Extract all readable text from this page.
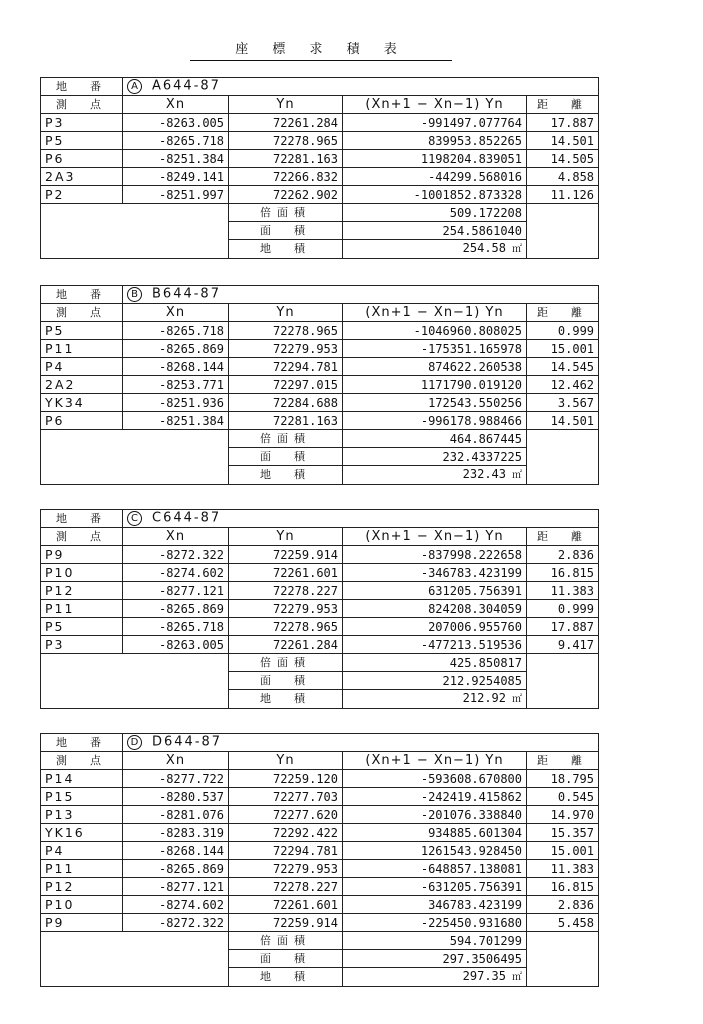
座 標 求 積 表
地　番	A A644-87			
測　点	Xn	Yn	(Xn+1 − Xn−1) Yn	距　離
P3	-8263.005	72261.284	-991497.077764	17.887
P5	-8265.718	72278.965	839953.852265	14.501
P6	-8251.384	72281.163	1198204.839051	14.505
2A3	-8249.141	72266.832	-44299.568016	4.858
P2	-8251.997	72262.902	-1001852.873328	11.126
		倍面積	509.172208	
		面　積	254.5861040	
		地　積	254.58 ㎡	
地　番	B B644-87			
測　点	Xn	Yn	(Xn+1 − Xn−1) Yn	距　離
P5	-8265.718	72278.965	-1046960.808025	0.999
P11	-8265.869	72279.953	-175351.165978	15.001
P4	-8268.144	72294.781	874622.260538	14.545
2A2	-8253.771	72297.015	1171790.019120	12.462
YK34	-8251.936	72284.688	172543.550256	3.567
P6	-8251.384	72281.163	-996178.988466	14.501
		倍面積	464.867445	
		面　積	232.4337225	
		地　積	232.43 ㎡	
地　番	C C644-87			
測　点	Xn	Yn	(Xn+1 − Xn−1) Yn	距　離
P9	-8272.322	72259.914	-837998.222658	2.836
P10	-8274.602	72261.601	-346783.423199	16.815
P12	-8277.121	72278.227	631205.756391	11.383
P11	-8265.869	72279.953	824208.304059	0.999
P5	-8265.718	72278.965	207006.955760	17.887
P3	-8263.005	72261.284	-477213.519536	9.417
		倍面積	425.850817	
		面　積	212.9254085	
		地　積	212.92 ㎡	
地　番	D D644-87			
測　点	Xn	Yn	(Xn+1 − Xn−1) Yn	距　離
P14	-8277.722	72259.120	-593608.670800	18.795
P15	-8280.537	72277.703	-242419.415862	0.545
P13	-8281.076	72277.620	-201076.338840	14.970
YK16	-8283.319	72292.422	934885.601304	15.357
P4	-8268.144	72294.781	1261543.928450	15.001
P11	-8265.869	72279.953	-648857.138081	11.383
P12	-8277.121	72278.227	-631205.756391	16.815
P10	-8274.602	72261.601	346783.423199	2.836
P9	-8272.322	72259.914	-225450.931680	5.458
		倍面積	594.701299	
		面　積	297.3506495	
		地　積	297.35 ㎡	
